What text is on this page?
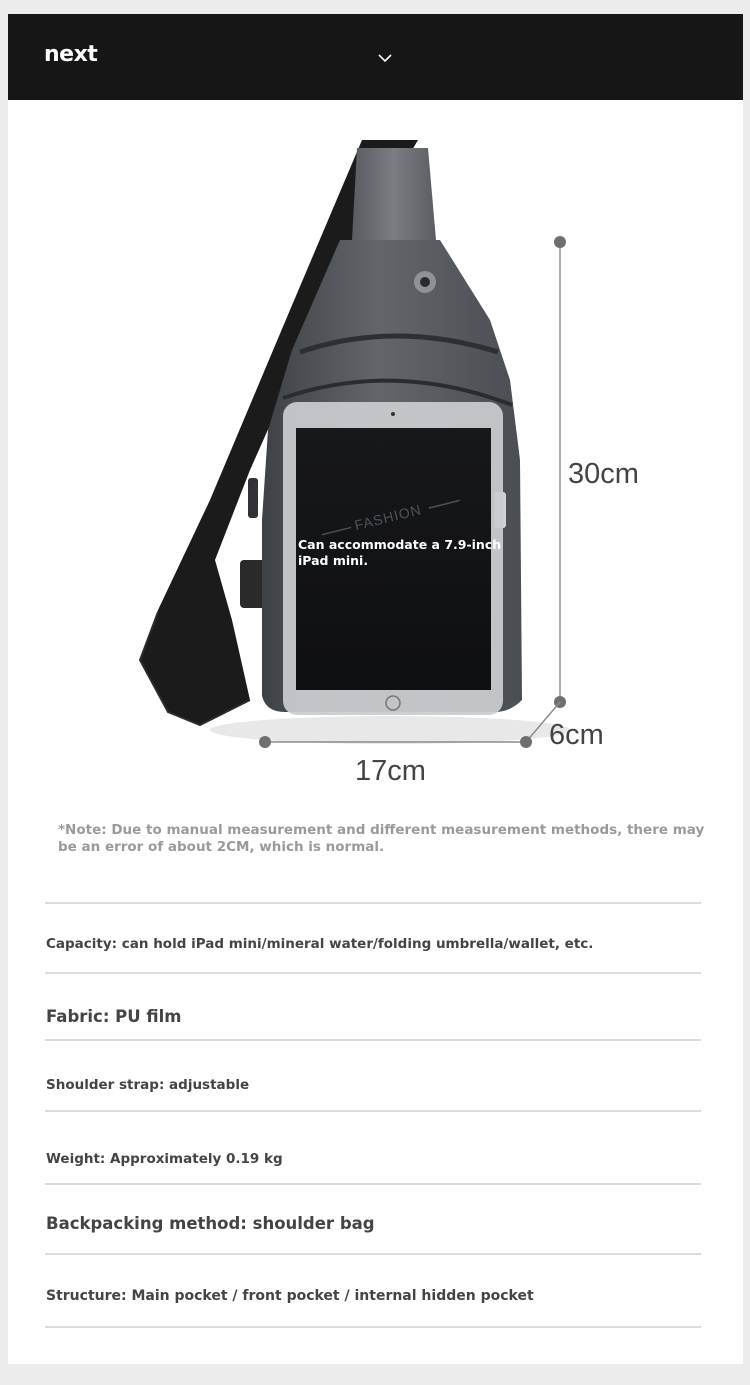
next
FASHION
30cm
6cm
17cm
Can accommodate a 7.9-inch iPad mini.
*Note: Due to manual measurement and different measurement methods, there may be an error of about 2CM, which is normal.
Capacity: can hold iPad mini/mineral water/folding umbrella/wallet, etc.
Fabric: PU film
Shoulder strap: adjustable
Weight: Approximately 0.19 kg
Backpacking method: shoulder bag
Structure: Main pocket / front pocket / internal hidden pocket
